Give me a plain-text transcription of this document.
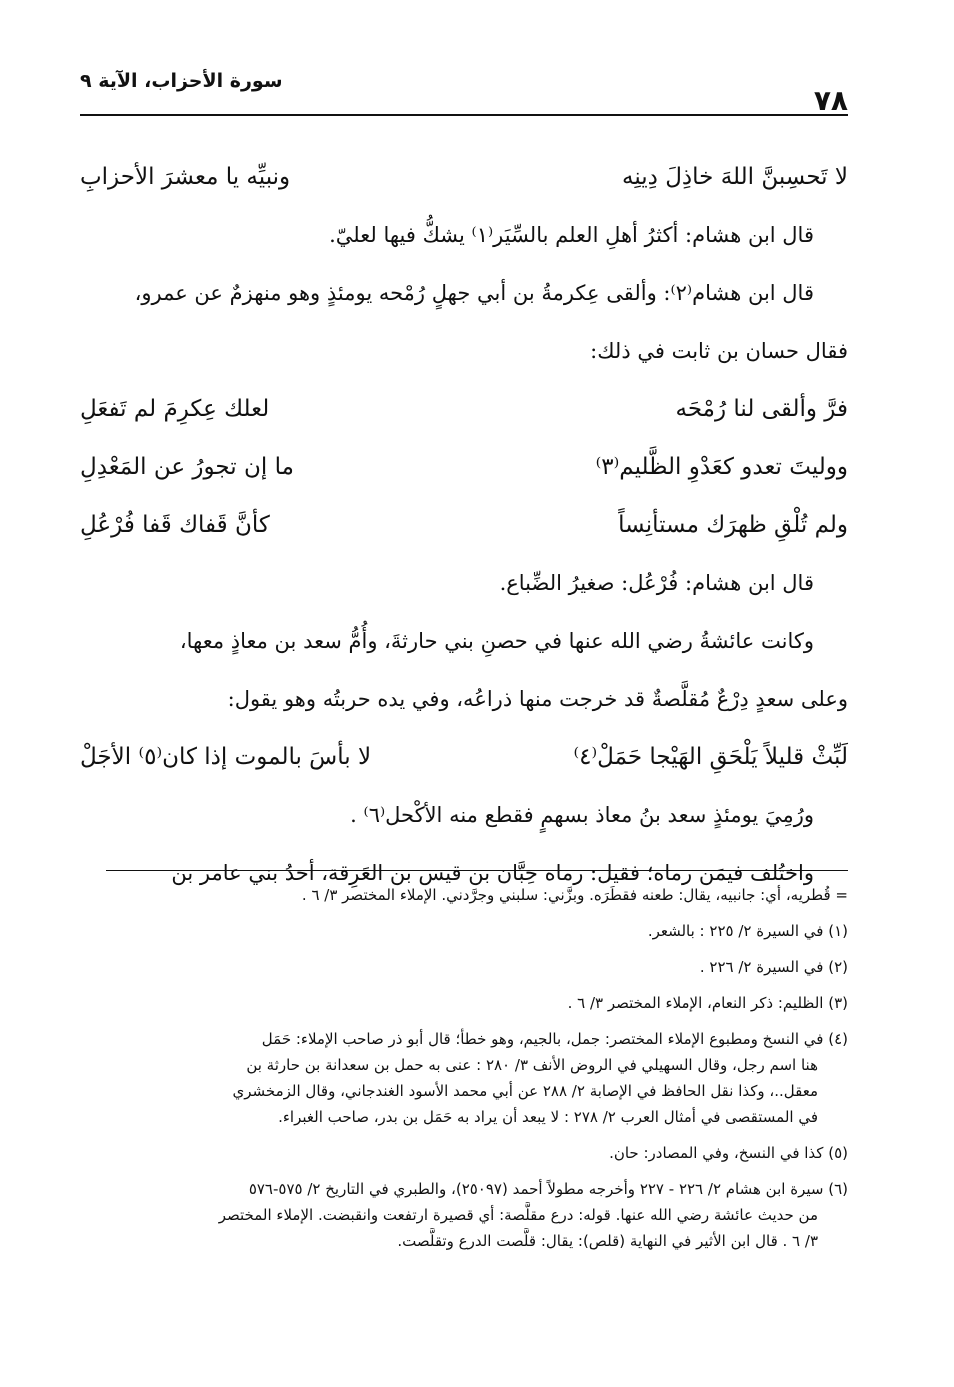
٧٨
سورة الأحزاب، الآية ٩
لا تَحسِبنَّ اللهَ خاذِلَ دِينِه
ونبيِّه يا معشرَ الأحزابِ
قال ابن هشام: أكثرُ أهلِ العلم بالسِّيَر⁽١⁾ يشكُّ فيها لعليّ.
قال ابن هشام⁽٢⁾: وألقى عِكرمةُ بن أبي جهلٍ رُمْحه يومئذٍ وهو منهزمٌ عن عمرو،
فقال حسان بن ثابت في ذلك:
فرَّ وألقى لنا رُمْحَه
لعلك عِكرِمَ لم تَفعَلِ
ووليتَ تعدو كعَدْوِ الظَّليم⁽٣⁾
ما إن تجورُ عن المَعْدِلِ
ولم تُلْقِ ظهرَك مستأنِساً
كأنَّ قَفاك قَفا فُرْعُلِ
قال ابن هشام: فُرْعُل: صغيرُ الضِّباع.
وكانت عائشةُ رضي الله عنها في حصنِ بني حارثةَ، وأُمُّ سعد بن معاذٍ معها،
وعلى سعدٍ دِرْعٌ مُقلَّصةٌ قد خرجت منها ذراعُه، وفي يده حربتُه وهو يقول:
لَبِّثْ قليلاً يَلْحَقِ الهَيْجا حَمَلْ⁽٤⁾
لا بأسَ بالموت إذا كان⁽٥⁾ الأجَلْ
ورُمِيَ يومئذٍ سعد بنُ معاذ بسهمٍ فقطع منه الأكْحل⁽٦⁾ .
واختُلف فيمَن رماه؛ فقيل: رماه حِبَّان بن قيس بن العَرِقة، أحدُ بني عامر بن
= قُطريه، أي: جانبيه، يقال: طعنه فقطَرَه. وبزَّني: سلبني وجرَّدني. الإملاء المختصر ٣/ ٦ .
(١) في السيرة ٢/ ٢٢٥ : بالشعر.
(٢) في السيرة ٢/ ٢٢٦ .
(٣) الظليم: ذكر النعام، الإملاء المختصر ٣/ ٦ .
(٤) في النسخ ومطبوع الإملاء المختصر: جمل، بالجيم، وهو خطأ؛ قال أبو ذر صاحب الإملاء: حَمَل
هنا اسم رجل، وقال السهيلي في الروض الأنف ٣/ ٢٨٠ : عنى به حمل بن سعدانة بن حارثة بن
معقل..، وكذا نقل الحافظ في الإصابة ٢/ ٢٨٨ عن أبي محمد الأسود الغندجاني، وقال الزمخشري
في المستقصى في أمثال العرب ٢/ ٢٧٨ : لا يبعد أن يراد به حَمَل بن بدر، صاحب الغبراء.
(٥) كذا في النسخ، وفي المصادر: حان.
(٦) سيرة ابن هشام ٢/ ٢٢٦ - ٢٢٧ وأخرجه مطولاً أحمد (٢٥٠٩٧)، والطبري في التاريخ ٢/ ٥٧٥-٥٧٦
من حديث عائشة رضي الله عنها. قوله: درع مقلَّصة: أي قصيرة ارتفعت وانقبضت. الإملاء المختصر
٣/ ٦ . قال ابن الأثير في النهاية (قلص): يقال: قلَّصت الدرع وتقلَّصت.
